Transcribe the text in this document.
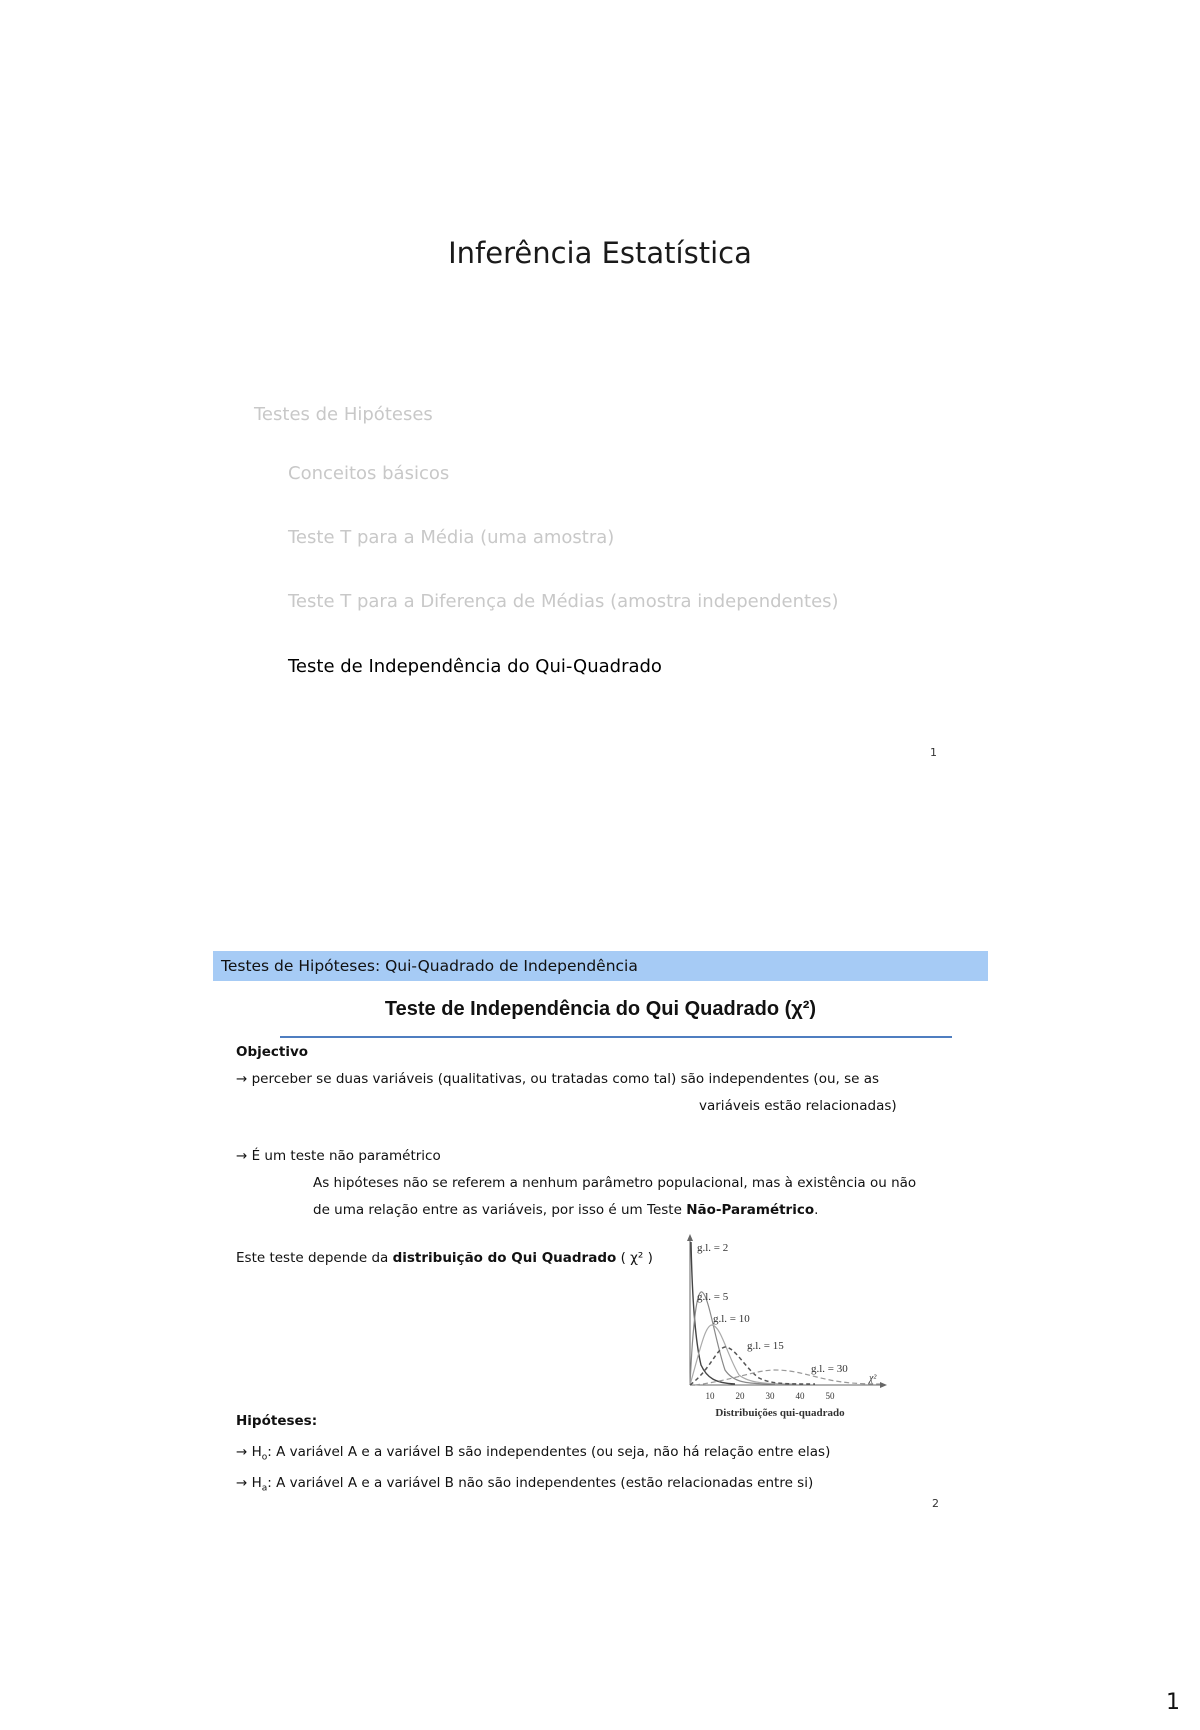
Inferência Estatística
Testes de Hipóteses
Conceitos básicos
Teste T para a Média (uma amostra)
Teste T para a Diferença de Médias (amostra independentes)
Teste de Independência do Qui-Quadrado
1
Testes de Hipóteses: Qui-Quadrado de Independência
Teste de Independência do Qui Quadrado (χ²)
Objectivo
→ perceber se duas variáveis (qualitativas, ou tratadas como tal) são independentes (ou, se as
variáveis estão relacionadas)
→ É um teste não paramétrico
As hipóteses não se referem a nenhum parâmetro populacional, mas à existência ou não
de uma relação entre as variáveis, por isso é um Teste Não-Paramétrico.
Este teste depende da distribuição do Qui Quadrado ( χ² )
g.l. = 2
g.l. = 5
g.l. = 10
g.l. = 15
g.l. = 30
χ²
10 20 30 40 50
Distribuições qui-quadrado
Hipóteses:
→ $H_o$: A variável A e a variável B são independentes (ou seja, não há relação entre elas)
→ $H_a$: A variável A e a variável B não são independentes (estão relacionadas entre si)
2
1
